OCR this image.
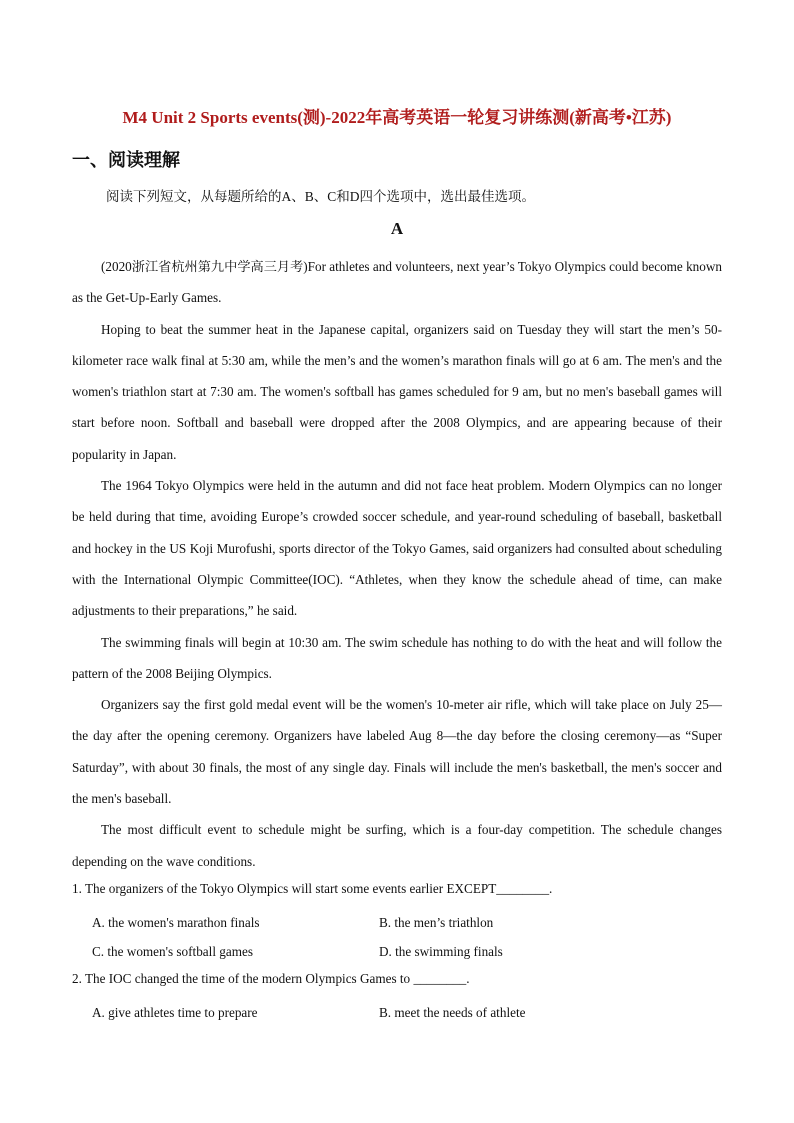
M4 Unit 2 Sports events(测)-2022年高考英语一轮复习讲练测(新高考•江苏)
一、阅读理解
阅读下列短文，从每题所给的A、B、C和D四个选项中，选出最佳选项。
A

(2020浙江省杭州第九中学高三月考)For athletes and volunteers, next year’s Tokyo Olympics could become known as the Get-Up-Early Games.

Hoping to beat the summer heat in the Japanese capital, organizers said on Tuesday they will start the men’s 50-kilometer race walk final at 5:30 am, while the men’s and the women’s marathon finals will go at 6 am. The men's and the women's triathlon start at 7:30 am. The women's softball has games scheduled for 9 am, but no men's baseball games will start before noon. Softball and baseball were dropped after the 2008 Olympics, and are appearing because of their popularity in Japan.

The 1964 Tokyo Olympics were held in the autumn and did not face heat problem. Modern Olympics can no longer be held during that time, avoiding Europe’s crowded soccer schedule, and year-round scheduling of baseball, basketball and hockey in the US Koji Murofushi, sports director of the Tokyo Games, said organizers had consulted about scheduling with the International Olympic Committee(IOC). “Athletes, when they know the schedule ahead of time, can make adjustments to their preparations,” he said.

The swimming finals will begin at 10:30 am. The swim schedule has nothing to do with the heat and will follow the pattern of the 2008 Beijing Olympics.

Organizers say the first gold medal event will be the women's 10-meter air rifle, which will take place on July 25—the day after the opening ceremony. Organizers have labeled Aug 8—the day before the closing ceremony—as “Super Saturday”, with about 30 finals, the most of any single day. Finals will include the men's basketball, the men's soccer and the men's baseball.

The most difficult event to schedule might be surfing, which is a four-day competition. The schedule changes depending on the wave conditions.

1. The organizers of the Tokyo Olympics will start some events earlier EXCEPT________.
A. the women's marathon finals	B. the men’s triathlon
C. the women's softball games	D. the swimming finals
2. The IOC changed the time of the modern Olympics Games to ________.
A. give athletes time to prepare	B. meet the needs of athlete
